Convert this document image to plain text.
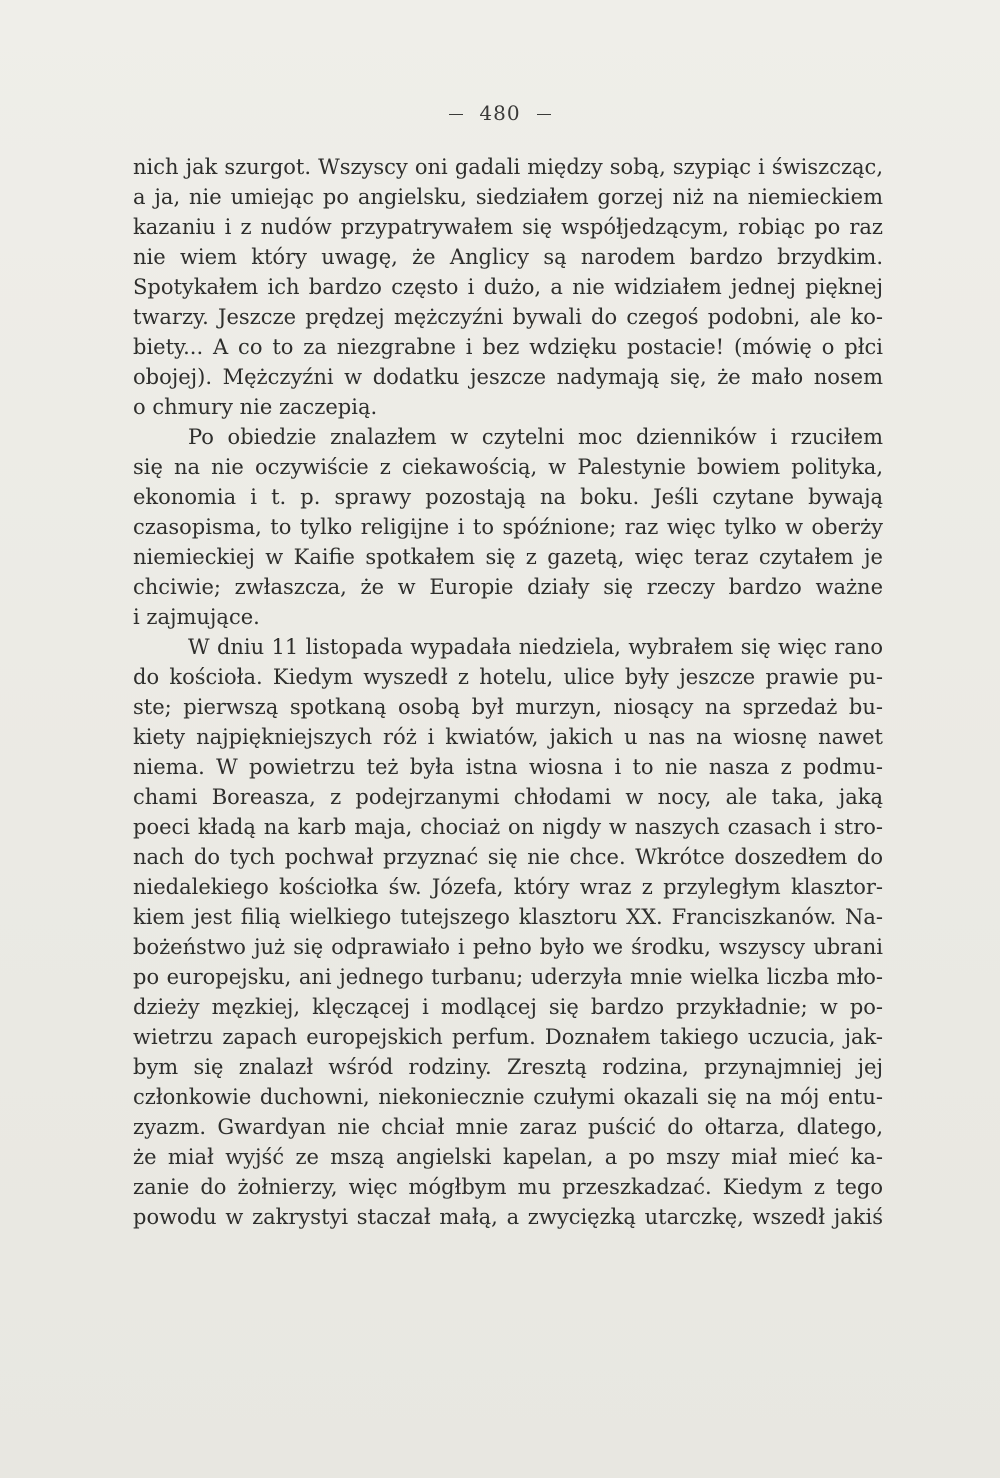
480

nich jak szurgot. Wszyscy oni gadali między sobą, szypiąc i świszcząc,
a ja, nie umiejąc po angielsku, siedziałem gorzej niż na niemieckiem
kazaniu i z nudów przypatrywałem się współjedzącym, robiąc po raz
nie wiem który uwagę, że Anglicy są narodem bardzo brzydkim.
Spotykałem ich bardzo często i dużo, a nie widziałem jednej pięknej
twarzy. Jeszcze prędzej mężczyźni bywali do czegoś podobni, ale ko-
biety... A co to za niezgrabne i bez wdzięku postacie! (mówię o płci
obojej). Mężczyźni w dodatku jeszcze nadymają się, że mało nosem
o chmury nie zaczepią.

Po obiedzie znalazłem w czytelni moc dzienników i rzuciłem
się na nie oczywiście z ciekawością, w Palestynie bowiem polityka,
ekonomia i t. p. sprawy pozostają na boku. Jeśli czytane bywają
czasopisma, to tylko religijne i to spóźnione; raz więc tylko w oberży
niemieckiej w Kaifie spotkałem się z gazetą, więc teraz czytałem je
chciwie; zwłaszcza, że w Europie działy się rzeczy bardzo ważne
i zajmujące.

W dniu 11 listopada wypadała niedziela, wybrałem się więc rano
do kościoła. Kiedym wyszedł z hotelu, ulice były jeszcze prawie pu-
ste; pierwszą spotkaną osobą był murzyn, niosący na sprzedaż bu-
kiety najpiękniejszych róż i kwiatów, jakich u nas na wiosnę nawet
niema. W powietrzu też była istna wiosna i to nie nasza z podmu-
chami Boreasza, z podejrzanymi chłodami w nocy, ale taka, jaką
poeci kładą na karb maja, chociaż on nigdy w naszych czasach i stro-
nach do tych pochwał przyznać się nie chce. Wkrótce doszedłem do
niedalekiego kościołka św. Józefa, który wraz z przyległym klasztor-
kiem jest filią wielkiego tutejszego klasztoru XX. Franciszkanów. Na-
bożeństwo już się odprawiało i pełno było we środku, wszyscy ubrani
po europejsku, ani jednego turbanu; uderzyła mnie wielka liczba mło-
dzieży męzkiej, klęczącej i modlącej się bardzo przykładnie; w po-
wietrzu zapach europejskich perfum. Doznałem takiego uczucia, jak-
bym się znalazł wśród rodziny. Zresztą rodzina, przynajmniej jej
członkowie duchowni, niekoniecznie czułymi okazali się na mój entu-
zyazm. Gwardyan nie chciał mnie zaraz puścić do ołtarza, dlatego,
że miał wyjść ze mszą angielski kapelan, a po mszy miał mieć ka-
zanie do żołnierzy, więc mógłbym mu przeszkadzać. Kiedym z tego
powodu w zakrystyi staczał małą, a zwycięzką utarczkę, wszedł jakiś
